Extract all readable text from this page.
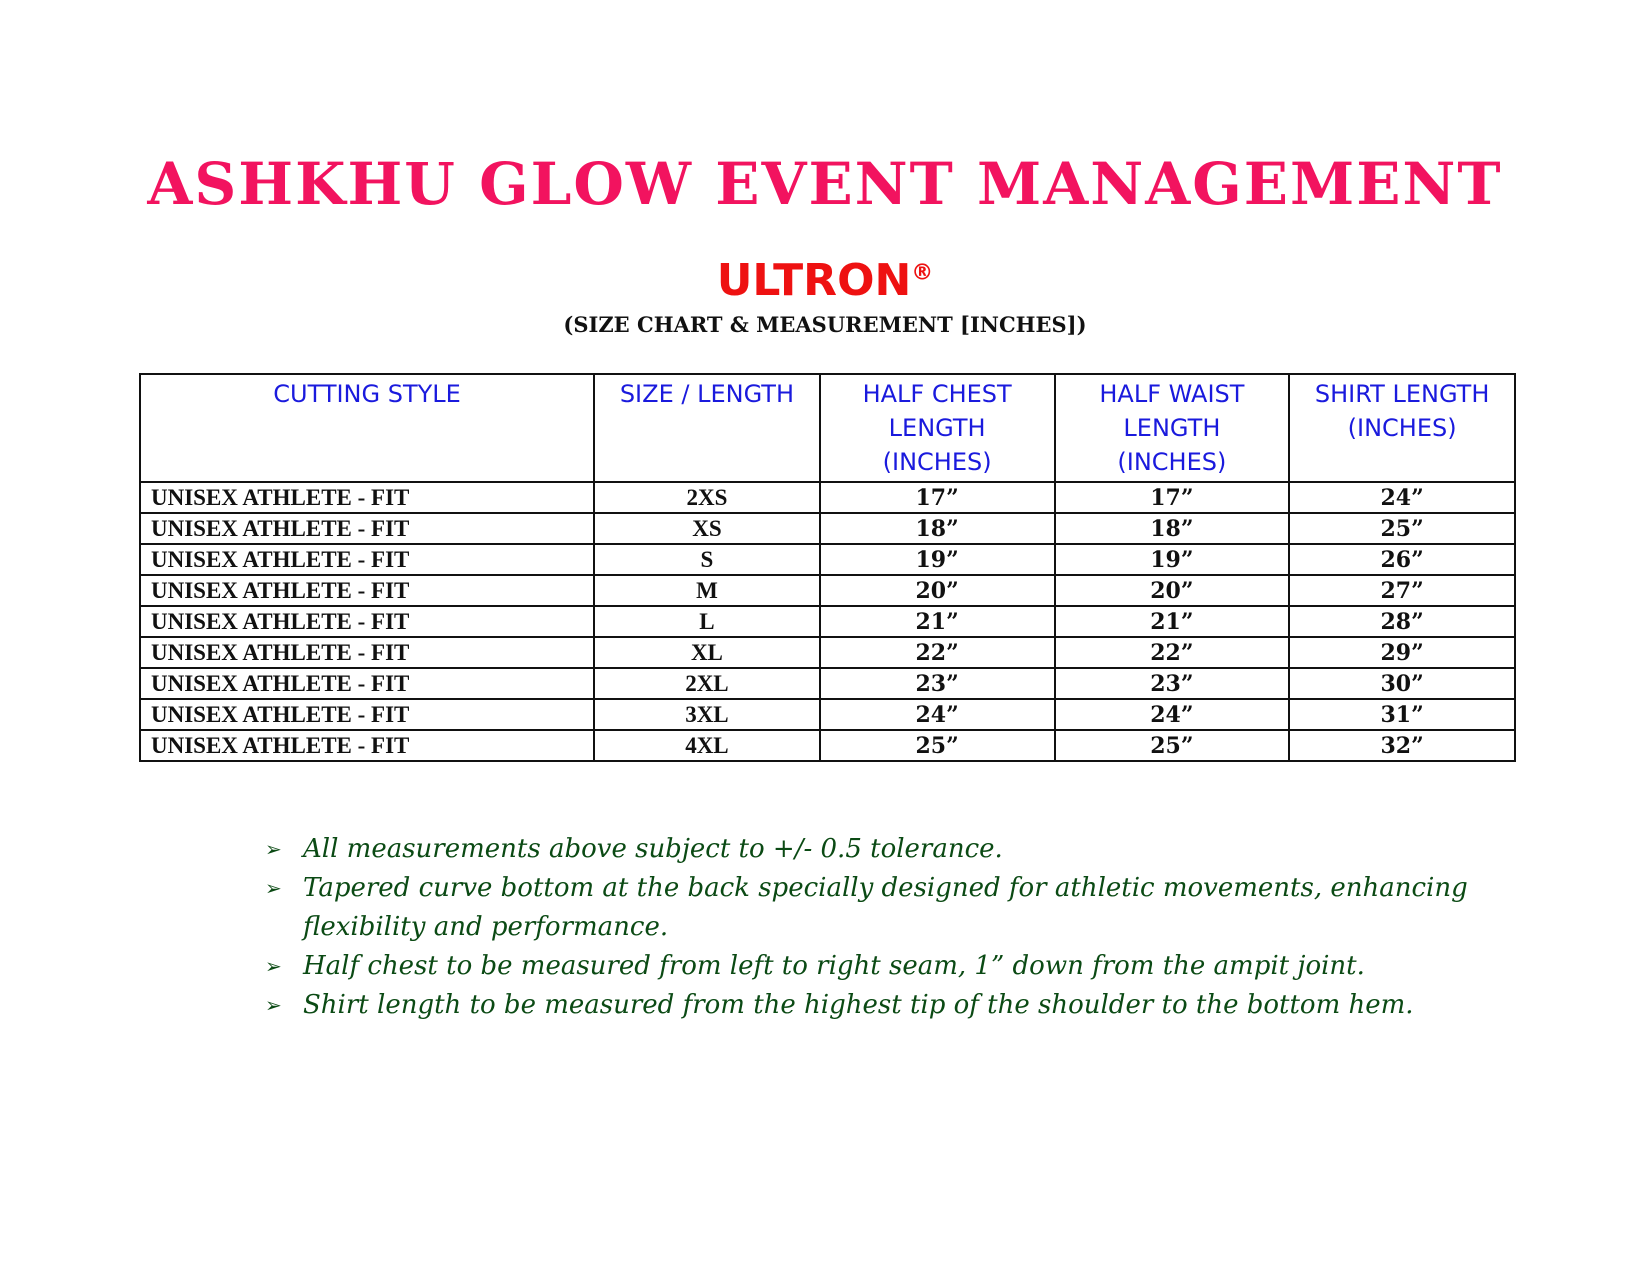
ASHKHU GLOW EVENT MANAGEMENT
ULTRON®
(SIZE CHART & MEASUREMENT [INCHES])
CUTTING STYLE	SIZE / LENGTH	HALF CHEST LENGTH (INCHES)	HALF WAIST LENGTH (INCHES)	SHIRT LENGTH (INCHES)
UNISEX ATHLETE - FIT	2XS	17”	17”	24”
UNISEX ATHLETE - FIT	XS	18”	18”	25”
UNISEX ATHLETE - FIT	S	19”	19”	26”
UNISEX ATHLETE - FIT	M	20”	20”	27”
UNISEX ATHLETE - FIT	L	21”	21”	28”
UNISEX ATHLETE - FIT	XL	22”	22”	29”
UNISEX ATHLETE - FIT	2XL	23”	23”	30”
UNISEX ATHLETE - FIT	3XL	24”	24”	31”
UNISEX ATHLETE - FIT	4XL	25”	25”	32”
➢ All measurements above subject to +/- 0.5 tolerance.
➢ Tapered curve bottom at the back specially designed for athletic movements, enhancing flexibility and performance.
➢ Half chest to be measured from left to right seam, 1” down from the ampit joint.
➢ Shirt length to be measured from the highest tip of the shoulder to the bottom hem.
